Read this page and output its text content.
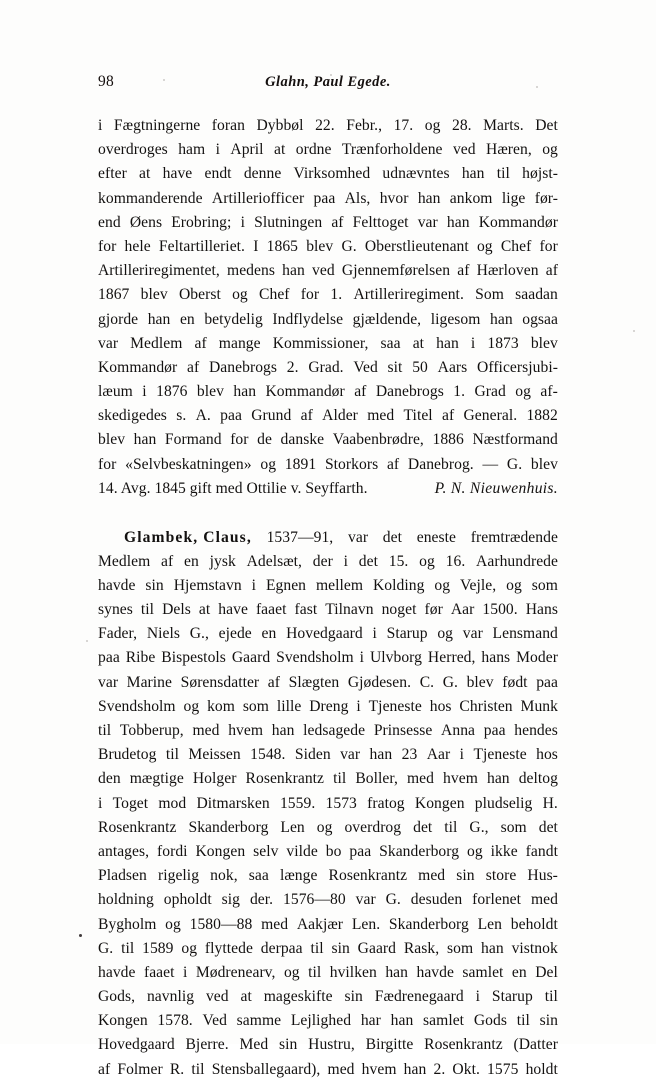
98	Glahn, Paul Egede.

i Fægtningerne foran Dybbøl 22. Febr., 17. og 28. Marts. Det
overdroges ham i April at ordne Trænforholdene ved Hæren, og
efter at have endt denne Virksomhed udnævntes han til højst-
kommanderende Artilleriofficer paa Als, hvor han ankom lige før-
end Øens Erobring; i Slutningen af Felttoget var han Kommandør
for hele Feltartilleriet. I 1865 blev G. Oberstlieutenant og Chef for
Artilleriregimentet, medens han ved Gjennemførelsen af Hærloven af
1867 blev Oberst og Chef for 1. Artilleriregiment. Som saadan
gjorde han en betydelig Indflydelse gjældende, ligesom han ogsaa
var Medlem af mange Kommissioner, saa at han i 1873 blev
Kommandør af Danebrogs 2. Grad. Ved sit 50 Aars Officersjubi-
læum i 1876 blev han Kommandør af Danebrogs 1. Grad og af-
skedigedes s. A. paa Grund af Alder med Titel af General. 1882
blev han Formand for de danske Vaabenbrødre, 1886 Næstformand
for «Selvbeskatningen» og 1891 Storkors af Danebrog. — G. blev
14. Avg. 1845 gift med Ottilie v. Seyffarth.	P. N. Nieuwenhuis.

Glambek, Claus, 1537—91, var det eneste fremtrædende
Medlem af en jysk Adelsæt, der i det 15. og 16. Aarhundrede
havde sin Hjemstavn i Egnen mellem Kolding og Vejle, og som
synes til Dels at have faaet fast Tilnavn noget før Aar 1500. Hans
Fader, Niels G., ejede en Hovedgaard i Starup og var Lensmand
paa Ribe Bispestols Gaard Svendsholm i Ulvborg Herred, hans Moder
var Marine Sørensdatter af Slægten Gjødesen. C. G. blev født paa
Svendsholm og kom som lille Dreng i Tjeneste hos Christen Munk
til Tobberup, med hvem han ledsagede Prinsesse Anna paa hendes
Brudetog til Meissen 1548. Siden var han 23 Aar i Tjeneste hos
den mægtige Holger Rosenkrantz til Boller, med hvem han deltog
i Toget mod Ditmarsken 1559. 1573 fratog Kongen pludselig H.
Rosenkrantz Skanderborg Len og overdrog det til G., som det
antages, fordi Kongen selv vilde bo paa Skanderborg og ikke fandt
Pladsen rigelig nok, saa længe Rosenkrantz med sin store Hus-
holdning opholdt sig der. 1576—80 var G. desuden forlenet med
Bygholm og 1580—88 med Aakjær Len. Skanderborg Len beholdt
G. til 1589 og flyttede derpaa til sin Gaard Rask, som han vistnok
havde faaet i Mødrenearv, og til hvilken han havde samlet en Del
Gods, navnlig ved at mageskifte sin Fædrenegaard i Starup til
Kongen 1578. Ved samme Lejlighed har han samlet Gods til sin
Hovedgaard Bjerre. Med sin Hustru, Birgitte Rosenkrantz (Datter
af Folmer R. til Stensballegaard), med hvem han 2. Okt. 1575 holdt
